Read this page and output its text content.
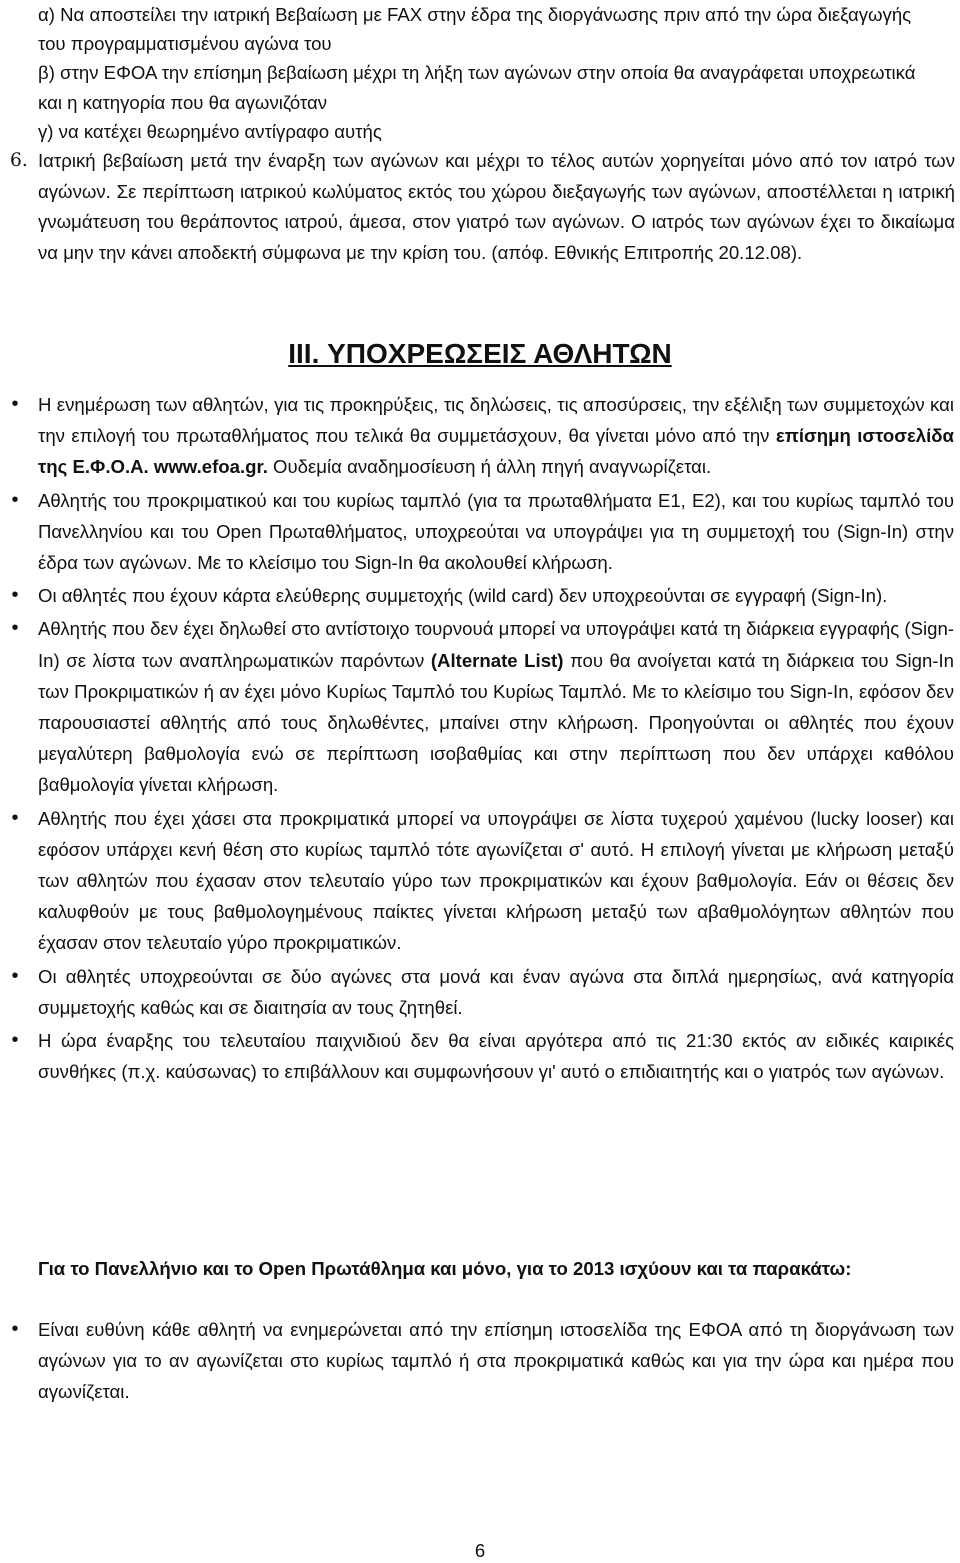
α) Να αποστείλει την ιατρική Βεβαίωση με FAX στην έδρα της διοργάνωσης πριν από την ώρα διεξαγωγής του προγραμματισμένου αγώνα του

β) στην ΕΦΟΑ την επίσημη βεβαίωση μέχρι τη λήξη των αγώνων στην οποία θα αναγράφεται υποχρεωτικά και η κατηγορία που θα αγωνιζόταν

γ) να κατέχει θεωρημένο αντίγραφο αυτής

6. Ιατρική βεβαίωση μετά την έναρξη των αγώνων και μέχρι το τέλος αυτών χορηγείται μόνο από τον ιατρό των αγώνων. Σε περίπτωση ιατρικού κωλύματος εκτός του χώρου διεξαγωγής των αγώνων, αποστέλλεται η ιατρική γνωμάτευση του θεράποντος ιατρού, άμεσα, στον γιατρό των αγώνων. Ο ιατρός των αγώνων έχει το δικαίωμα να μην την κάνει αποδεκτή σύμφωνα με την κρίση του. (απόφ. Εθνικής Επιτροπής 20.12.08).
III. ΥΠΟΧΡΕΩΣΕΙΣ ΑΘΛΗΤΩΝ
•	Η ενημέρωση των αθλητών, για τις προκηρύξεις, τις δηλώσεις, τις αποσύρσεις, την εξέλιξη των συμμετοχών και την επιλογή του πρωταθλήματος που τελικά θα συμμετάσχουν, θα γίνεται μόνο από την επίσημη ιστοσελίδα της Ε.Φ.Ο.Α. www.efoa.gr. Ουδεμία αναδημοσίευση ή άλλη πηγή αναγνωρίζεται.
•	Αθλητής του προκριματικού και του κυρίως ταμπλό (για τα πρωταθλήματα Ε1, Ε2), και του κυρίως ταμπλό του Πανελληνίου και του Open Πρωταθλήματος, υποχρεούται να υπογράψει για τη συμμετοχή του (Sign-In) στην έδρα των αγώνων. Με το κλείσιμο του Sign-In θα ακολουθεί κλήρωση.
•	Οι αθλητές που έχουν κάρτα ελεύθερης συμμετοχής (wild card) δεν υποχρεούνται σε εγγραφή (Sign-In).
•	Αθλητής που δεν έχει δηλωθεί στο αντίστοιχο τουρνουά μπορεί να υπογράψει κατά τη διάρκεια εγγραφής (Sign-In) σε λίστα των αναπληρωματικών παρόντων (Alternate List) που θα ανοίγεται κατά τη διάρκεια του Sign-In των Προκριματικών ή αν έχει μόνο Κυρίως Ταμπλό του Κυρίως Ταμπλό. Με το κλείσιμο του Sign-In, εφόσον δεν παρουσιαστεί αθλητής από τους δηλωθέντες, μπαίνει στην κλήρωση. Προηγούνται οι αθλητές που έχουν μεγαλύτερη βαθμολογία ενώ σε περίπτωση ισοβαθμίας και στην περίπτωση που δεν υπάρχει καθόλου βαθμολογία γίνεται κλήρωση.
•	Αθλητής που έχει χάσει στα προκριματικά μπορεί να υπογράψει σε λίστα τυχερού χαμένου (lucky looser) και εφόσον υπάρχει κενή θέση στο κυρίως ταμπλό τότε αγωνίζεται σ' αυτό. Η επιλογή γίνεται με κλήρωση μεταξύ των αθλητών που έχασαν στον τελευταίο γύρο των προκριματικών και έχουν βαθμολογία. Εάν οι θέσεις δεν καλυφθούν με τους βαθμολογημένους παίκτες γίνεται κλήρωση μεταξύ των αβαθμολόγητων αθλητών που έχασαν στον τελευταίο γύρο προκριματικών.
•	Οι αθλητές υποχρεούνται σε δύο αγώνες στα μονά και έναν αγώνα στα διπλά ημερησίως, ανά κατηγορία συμμετοχής καθώς και σε διαιτησία αν τους ζητηθεί.
•	Η ώρα έναρξης του τελευταίου παιχνιδιού δεν θα είναι αργότερα από τις 21:30 εκτός αν ειδικές καιρικές συνθήκες (π.χ. καύσωνας) το επιβάλλουν και συμφωνήσουν γι' αυτό ο επιδιαιτητής και ο γιατρός των αγώνων.
Για το Πανελλήνιο και το Open Πρωτάθλημα και μόνο, για το 2013 ισχύουν και τα παρακάτω:
•	Είναι ευθύνη κάθε αθλητή να ενημερώνεται από την επίσημη ιστοσελίδα της ΕΦΟΑ από τη διοργάνωση των αγώνων για το αν αγωνίζεται στο κυρίως ταμπλό ή στα προκριματικά καθώς και για την ώρα και ημέρα που αγωνίζεται.
6
